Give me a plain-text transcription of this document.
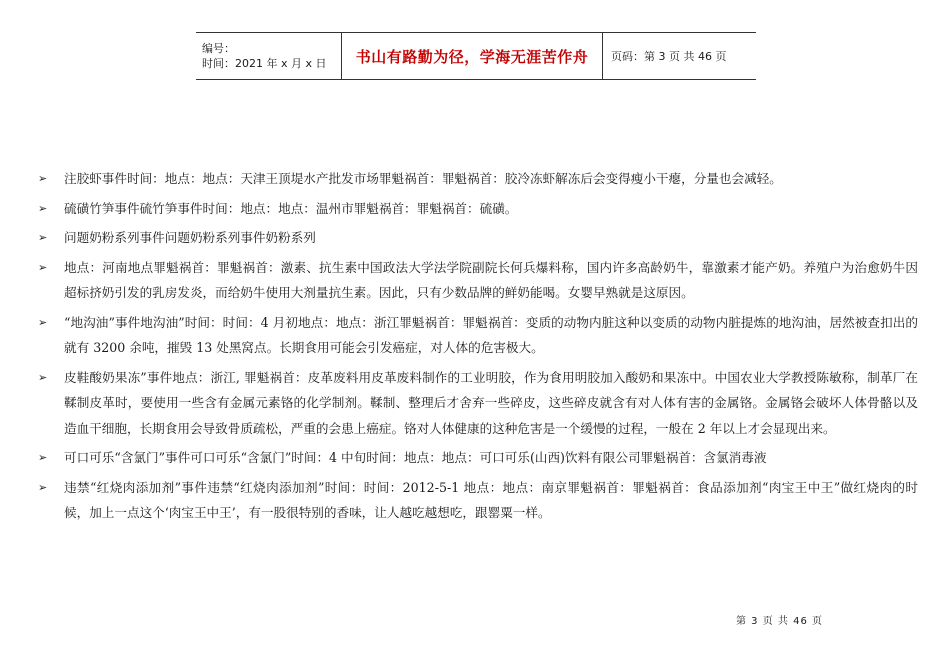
编号：
时间：2021 年 x 月 x 日	书山有路勤为径，学海无涯苦作舟 页码：第 3 页 共 46 页
➢	注胶虾事件时间：地点：地点：天津王顶堤水产批发市场罪魁祸首：罪魁祸首：胶冷冻虾解冻后会变得瘦小干瘪，分量也会减轻。
➢	硫磺竹笋事件硫竹笋事件时间：地点：地点：温州市罪魁祸首：罪魁祸首：硫磺。
➢	问题奶粉系列事件问题奶粉系列事件奶粉系列
➢	地点：河南地点罪魁祸首：罪魁祸首：激素、抗生素中国政法大学法学院副院长何兵爆料称，国内许多高龄奶牛，靠激素才能产奶。养殖户为治愈奶牛因超标挤奶引发的乳房发炎，而给奶牛使用大剂量抗生素。因此，只有少数品牌的鲜奶能喝。女婴早熟就是这原因。
➢	“地沟油”事件地沟油”时间：时间：4 月初地点：地点：浙江罪魁祸首：罪魁祸首：变质的动物内脏这种以变质的动物内脏提炼的地沟油，居然被查扣出的就有 3200 余吨，摧毁 13 处黑窝点。长期食用可能会引发癌症，对人体的危害极大。
➢	皮鞋酸奶果冻”事件地点：浙江, 罪魁祸首：皮革废料用皮革废料制作的工业明胶，作为食用明胶加入酸奶和果冻中。中国农业大学教授陈敏称，制革厂在鞣制皮革时，要使用一些含有金属元素铬的化学制剂。鞣制、整理后才舍弃一些碎皮，这些碎皮就含有对人体有害的金属铬。金属铬会破坏人体骨骼以及造血干细胞，长期食用会导致骨质疏松，严重的会患上癌症。铬对人体健康的这种危害是一个缓慢的过程，一般在 2 年以上才会显现出来。
➢	可口可乐“含氯门”事件可口可乐“含氯门”时间：4 中旬时间：地点：地点：可口可乐(山西)饮料有限公司罪魁祸首：含氯消毒液
➢	违禁“红烧肉添加剂”事件违禁“红烧肉添加剂”时间：时间：2012-5-1 地点：地点：南京罪魁祸首：罪魁祸首：食品添加剂“肉宝王中王”做红烧肉的时候，加上一点这个‘肉宝王中王’，有一股很特别的香味，让人越吃越想吃，跟罂粟一样。
第 3 页 共 46 页
